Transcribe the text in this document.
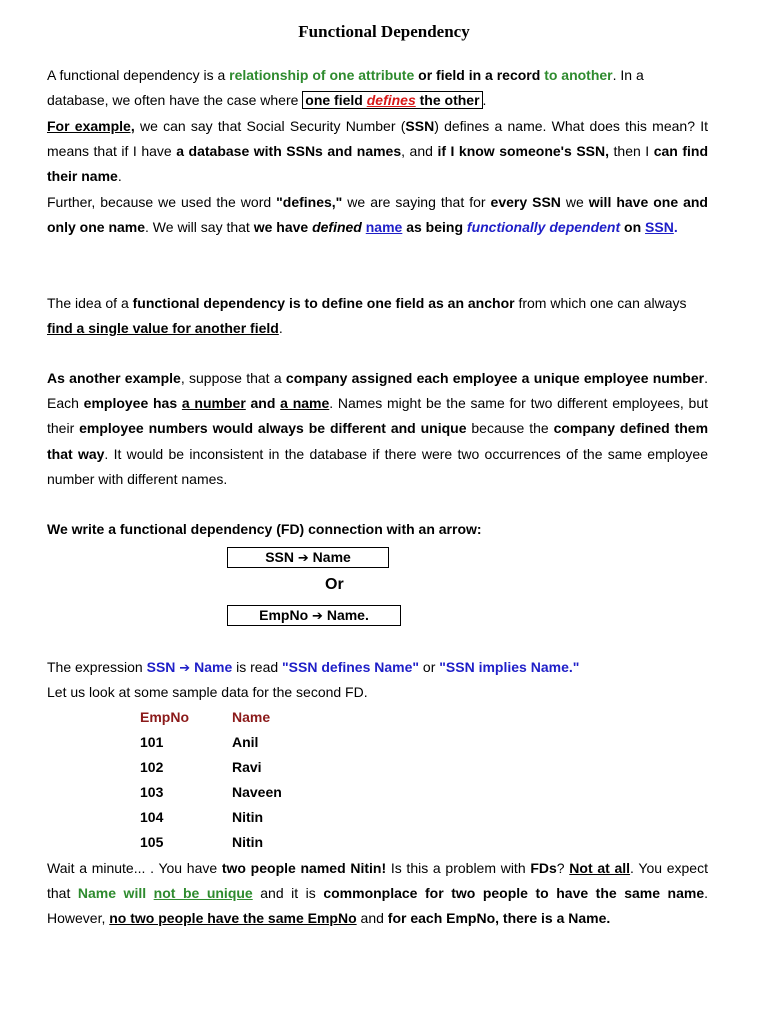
Functional Dependency
A functional dependency is a relationship of one attribute or field in a record to another. In a database, we often have the case where one field defines the other .
For example, we can say that Social Security Number (SSN) defines a name. What does this mean? It means that if I have a database with SSNs and names, and if I know someone's SSN, then I can find their name.
Further, because we used the word "defines," we are saying that for every SSN we will have one and only one name. We will say that we have defined name as being functionally dependent on SSN.
The idea of a functional dependency is to define one field as an anchor from which one can always find a single value for another field.
As another example, suppose that a company assigned each employee a unique employee number. Each employee has a number and a name. Names might be the same for two different employees, but their employee numbers would always be different and unique because the company defined them that way. It would be inconsistent in the database if there were two occurrences of the same employee number with different names.
We write a functional dependency (FD) connection with an arrow:
SSN ➔ Name
Or
EmpNo ➔ Name.
The expression SSN ➔ Name is read "SSN defines Name" or "SSN implies Name."
Let us look at some sample data for the second FD.
EmpNo	Name
101	Anil
102	Ravi
103	Naveen
104	Nitin
105	Nitin
Wait a minute... . You have two people named Nitin! Is this a problem with FDs? Not at all. You expect that Name will not be unique and it is commonplace for two people to have the same name. However, no two people have the same EmpNo and for each EmpNo, there is a Name.
